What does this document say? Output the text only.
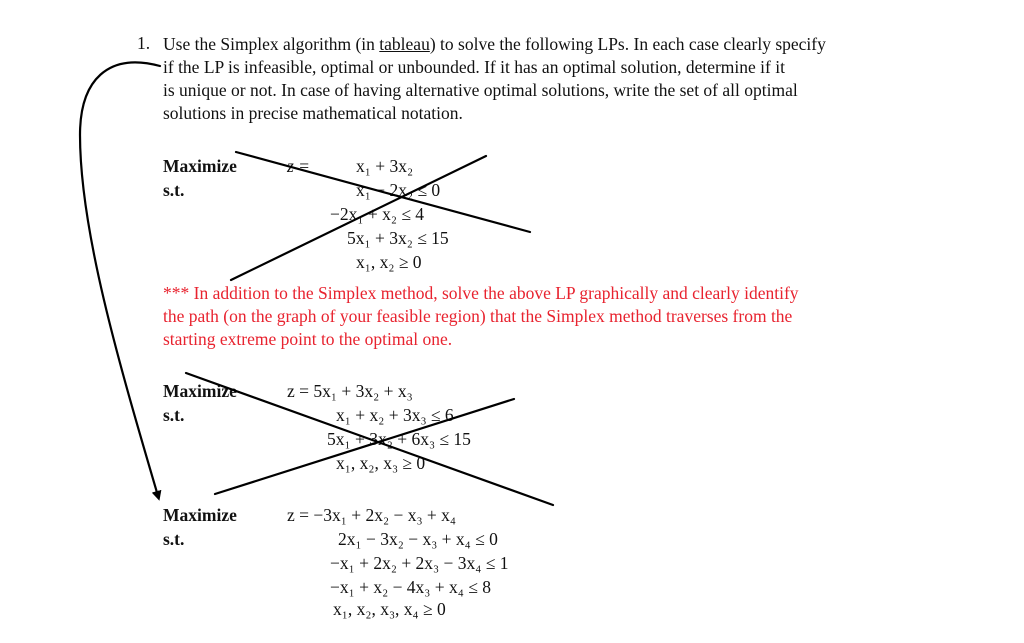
1. Use the Simplex algorithm (in tableau) to solve the following LPs. In each case clearly specify
if the LP is infeasible, optimal or unbounded. If it has an optimal solution, determine if it
is unique or not. In case of having alternative optimal solutions, write the set of all optimal
solutions in precise mathematical notation.
Maximize
s.t.
z =	x₁ + 3x₂
x₁ − 2x₂ ≤ 0
−2x₁ + x₂ ≤ 4
5x₁ + 3x₂ ≤ 15
x₁, x₂ ≥ 0
*** In addition to the Simplex method, solve the above LP graphically and clearly identify
the path (on the graph of your feasible region) that the Simplex method traverses from the
starting extreme point to the optimal one.
Maximize
s.t.
z = 5x₁ + 3x₂ + x₃
x₁ + x₂ + 3x₃ ≤ 6
5x₁ + 3x₂ + 6x₃ ≤ 15
x₁, x₂, x₃ ≥ 0
Maximize
s.t.
z = −3x₁ + 2x₂ − x₃ + x₄
2x₁ − 3x₂ − x₃ + x₄ ≤ 0
−x₁ + 2x₂ + 2x₃ − 3x₄ ≤ 1
−x₁ + x₂ − 4x₃ + x₄ ≤ 8
x₁, x₂, x₃, x₄ ≥ 0
